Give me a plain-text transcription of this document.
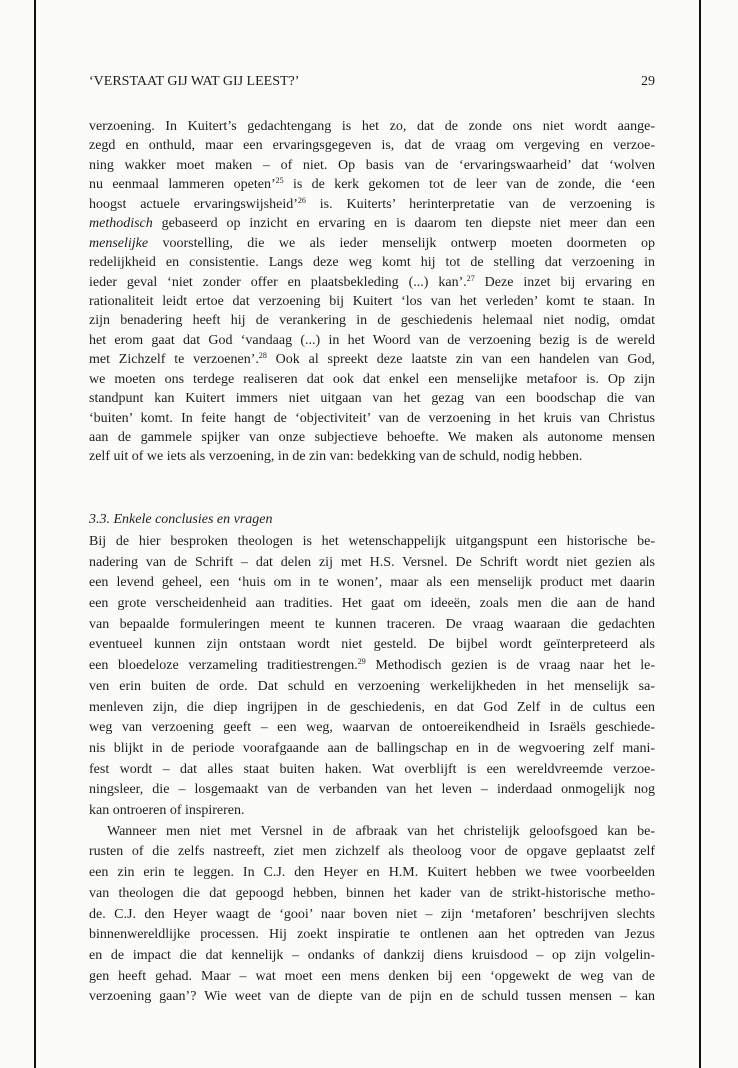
‘VERSTAAT GIJ WAT GIJ LEEST?’	29
verzoening. In Kuitert’s gedachtengang is het zo, dat de zonde ons niet wordt aange-
zegd en onthuld, maar een ervaringsgegeven is, dat de vraag om vergeving en verzoe-
ning wakker moet maken – of niet. Op basis van de ‘ervaringswaarheid’ dat ‘wolven
nu eenmaal lammeren opeten’$^{25}$ is de kerk gekomen tot de leer van de zonde, die ‘een
hoogst actuele ervaringswijsheid’$^{26}$ is. Kuiterts’ herinterpretatie van de verzoening is
methodisch gebaseerd op inzicht en ervaring en is daarom ten diepste niet meer dan een
menselijke voorstelling, die we als ieder menselijk ontwerp moeten doormeten op
redelijkheid en consistentie. Langs deze weg komt hij tot de stelling dat verzoening in
ieder geval ‘niet zonder offer en plaatsbekleding (...) kan’.$^{27}$ Deze inzet bij ervaring en
rationaliteit leidt ertoe dat verzoening bij Kuitert ‘los van het verleden’ komt te staan. In
zijn benadering heeft hij de verankering in de geschiedenis helemaal niet nodig, omdat
het erom gaat dat God ‘vandaag (...) in het Woord van de verzoening bezig is de wereld
met Zichzelf te verzoenen’.$^{28}$ Ook al spreekt deze laatste zin van een handelen van God,
we moeten ons terdege realiseren dat ook dat enkel een menselijke metafoor is. Op zijn
standpunt kan Kuitert immers niet uitgaan van het gezag van een boodschap die van
‘buiten’ komt. In feite hangt de ‘objectiviteit’ van de verzoening in het kruis van Christus
aan de gammele spijker van onze subjectieve behoefte. We maken als autonome mensen
zelf uit of we iets als verzoening, in de zin van: bedekking van de schuld, nodig hebben.
3.3. Enkele conclusies en vragen
Bij de hier besproken theologen is het wetenschappelijk uitgangspunt een historische be-
nadering van de Schrift – dat delen zij met H.S. Versnel. De Schrift wordt niet gezien als
een levend geheel, een ‘huis om in te wonen’, maar als een menselijk product met daarin
een grote verscheidenheid aan tradities. Het gaat om ideeën, zoals men die aan de hand
van bepaalde formuleringen meent te kunnen traceren. De vraag waaraan die gedachten
eventueel kunnen zijn ontstaan wordt niet gesteld. De bijbel wordt geïnterpreteerd als
een bloedeloze verzameling traditiestrengen.$^{29}$ Methodisch gezien is de vraag naar het le-
ven erin buiten de orde. Dat schuld en verzoening werkelijkheden in het menselijk sa-
menleven zijn, die diep ingrijpen in de geschiedenis, en dat God Zelf in de cultus een
weg van verzoening geeft – een weg, waarvan de ontoereikendheid in Israëls geschiede-
nis blijkt in de periode voorafgaande aan de ballingschap en in de wegvoering zelf mani-
fest wordt – dat alles staat buiten haken. Wat overblijft is een wereldvreemde verzoe-
ningsleer, die – losgemaakt van de verbanden van het leven – inderdaad onmogelijk nog
kan ontroeren of inspireren.
Wanneer men niet met Versnel in de afbraak van het christelijk geloofsgoed kan be-
rusten of die zelfs nastreeft, ziet men zichzelf als theoloog voor de opgave geplaatst zelf
een zin erin te leggen. In C.J. den Heyer en H.M. Kuitert hebben we twee voorbeelden
van theologen die dat gepoogd hebben, binnen het kader van de strikt-historische metho-
de. C.J. den Heyer waagt de ‘gooi’ naar boven niet – zijn ‘metaforen’ beschrijven slechts
binnenwereldlijke processen. Hij zoekt inspiratie te ontlenen aan het optreden van Jezus
en de impact die dat kennelijk – ondanks of dankzij diens kruisdood – op zijn volgelin-
gen heeft gehad. Maar – wat moet een mens denken bij een ‘opgewekt de weg van de
verzoening gaan’? Wie weet van de diepte van de pijn en de schuld tussen mensen – kan
